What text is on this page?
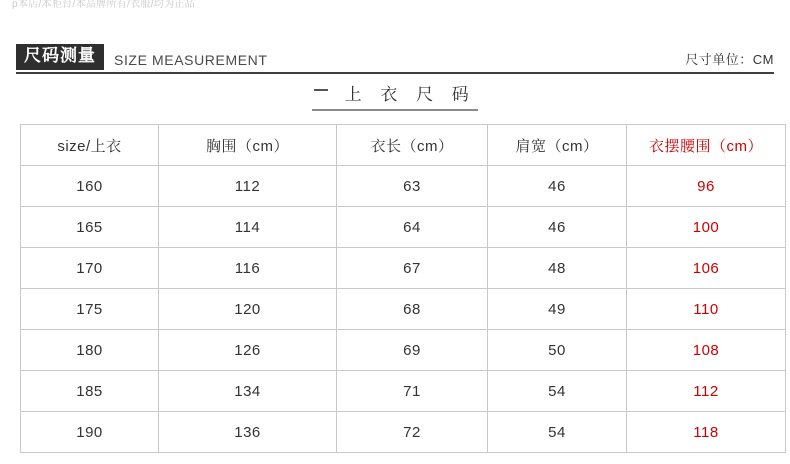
p本店/本柜台/本品牌所有/衣服/均为正品
尺码测量	SIZE MEASUREMENT	尺寸单位：CM
上 衣 尺 码
size/上衣	胸围（cm）	衣长（cm）	肩宽（cm）	衣摆腰围（cm）
160	112	63	46	96
165	114	64	46	100
170	116	67	48	106
175	120	68	49	110
180	126	69	50	108
185	134	71	54	112
190	136	72	54	118
